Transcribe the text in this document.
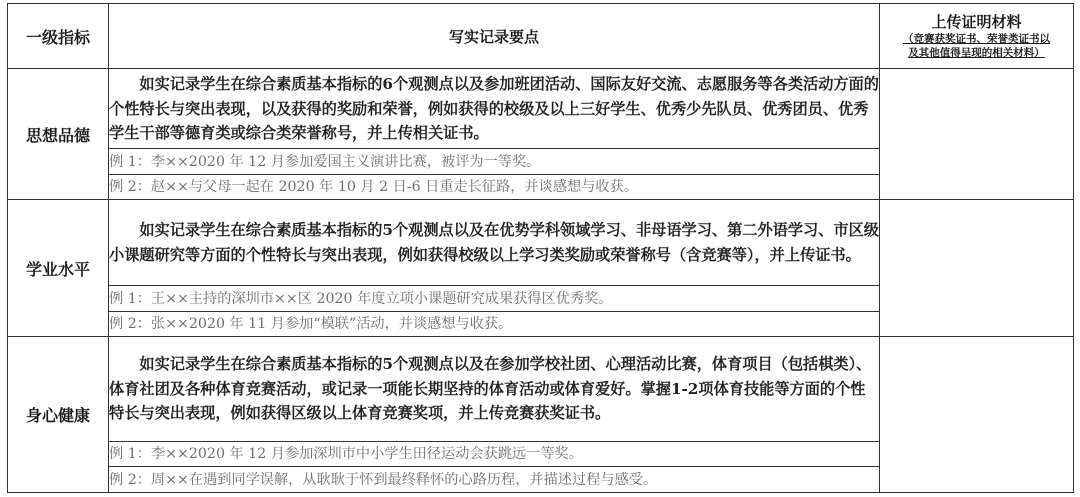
一级指标	写实记录要点	上传证明材料
（竞赛获奖证书、荣誉类证书以
及其他值得呈现的相关材料）

思想品德	如实记录学生在综合素质基本指标的6个观测点以及参加班团活动、国际友好交流、志愿服务等各类活动方面的个性特长与突出表现，以及获得的奖励和荣誉，例如获得的校级及以上三好学生、优秀少先队员、优秀团员、优秀学生干部等德育类或综合类荣誉称号，并上传相关证书。	
	例 1：李××2020 年 12 月参加爱国主义演讲比赛，被评为一等奖。	
	例 2：赵××与父母一起在 2020 年 10 月 2 日-6 日重走长征路，并谈感想与收获。	
学业水平	如实记录学生在综合素质基本指标的5个观测点以及在优势学科领域学习、非母语学习、第二外语学习、市区级小课题研究等方面的个性特长与突出表现，例如获得校级以上学习类奖励或荣誉称号（含竞赛等），并上传证书。	
	例 1：王××主持的深圳市××区 2020 年度立项小课题研究成果获得区优秀奖。	
	例 2：张××2020 年 11 月参加“模联”活动，并谈感想与收获。	
身心健康	如实记录学生在综合素质基本指标的5个观测点以及在参加学校社团、心理活动比赛，体育项目（包括棋类）、体育社团及各种体育竞赛活动，或记录一项能长期坚持的体育活动或体育爱好。掌握1-2项体育技能等方面的个性特长与突出表现，例如获得区级以上体育竞赛奖项，并上传竞赛获奖证书。	
	例 1：李××2020 年 12 月参加深圳市中小学生田径运动会获跳远一等奖。	
	例 2：周××在遇到同学误解，从耿耿于怀到最终释怀的心路历程，并描述过程与感受。	
